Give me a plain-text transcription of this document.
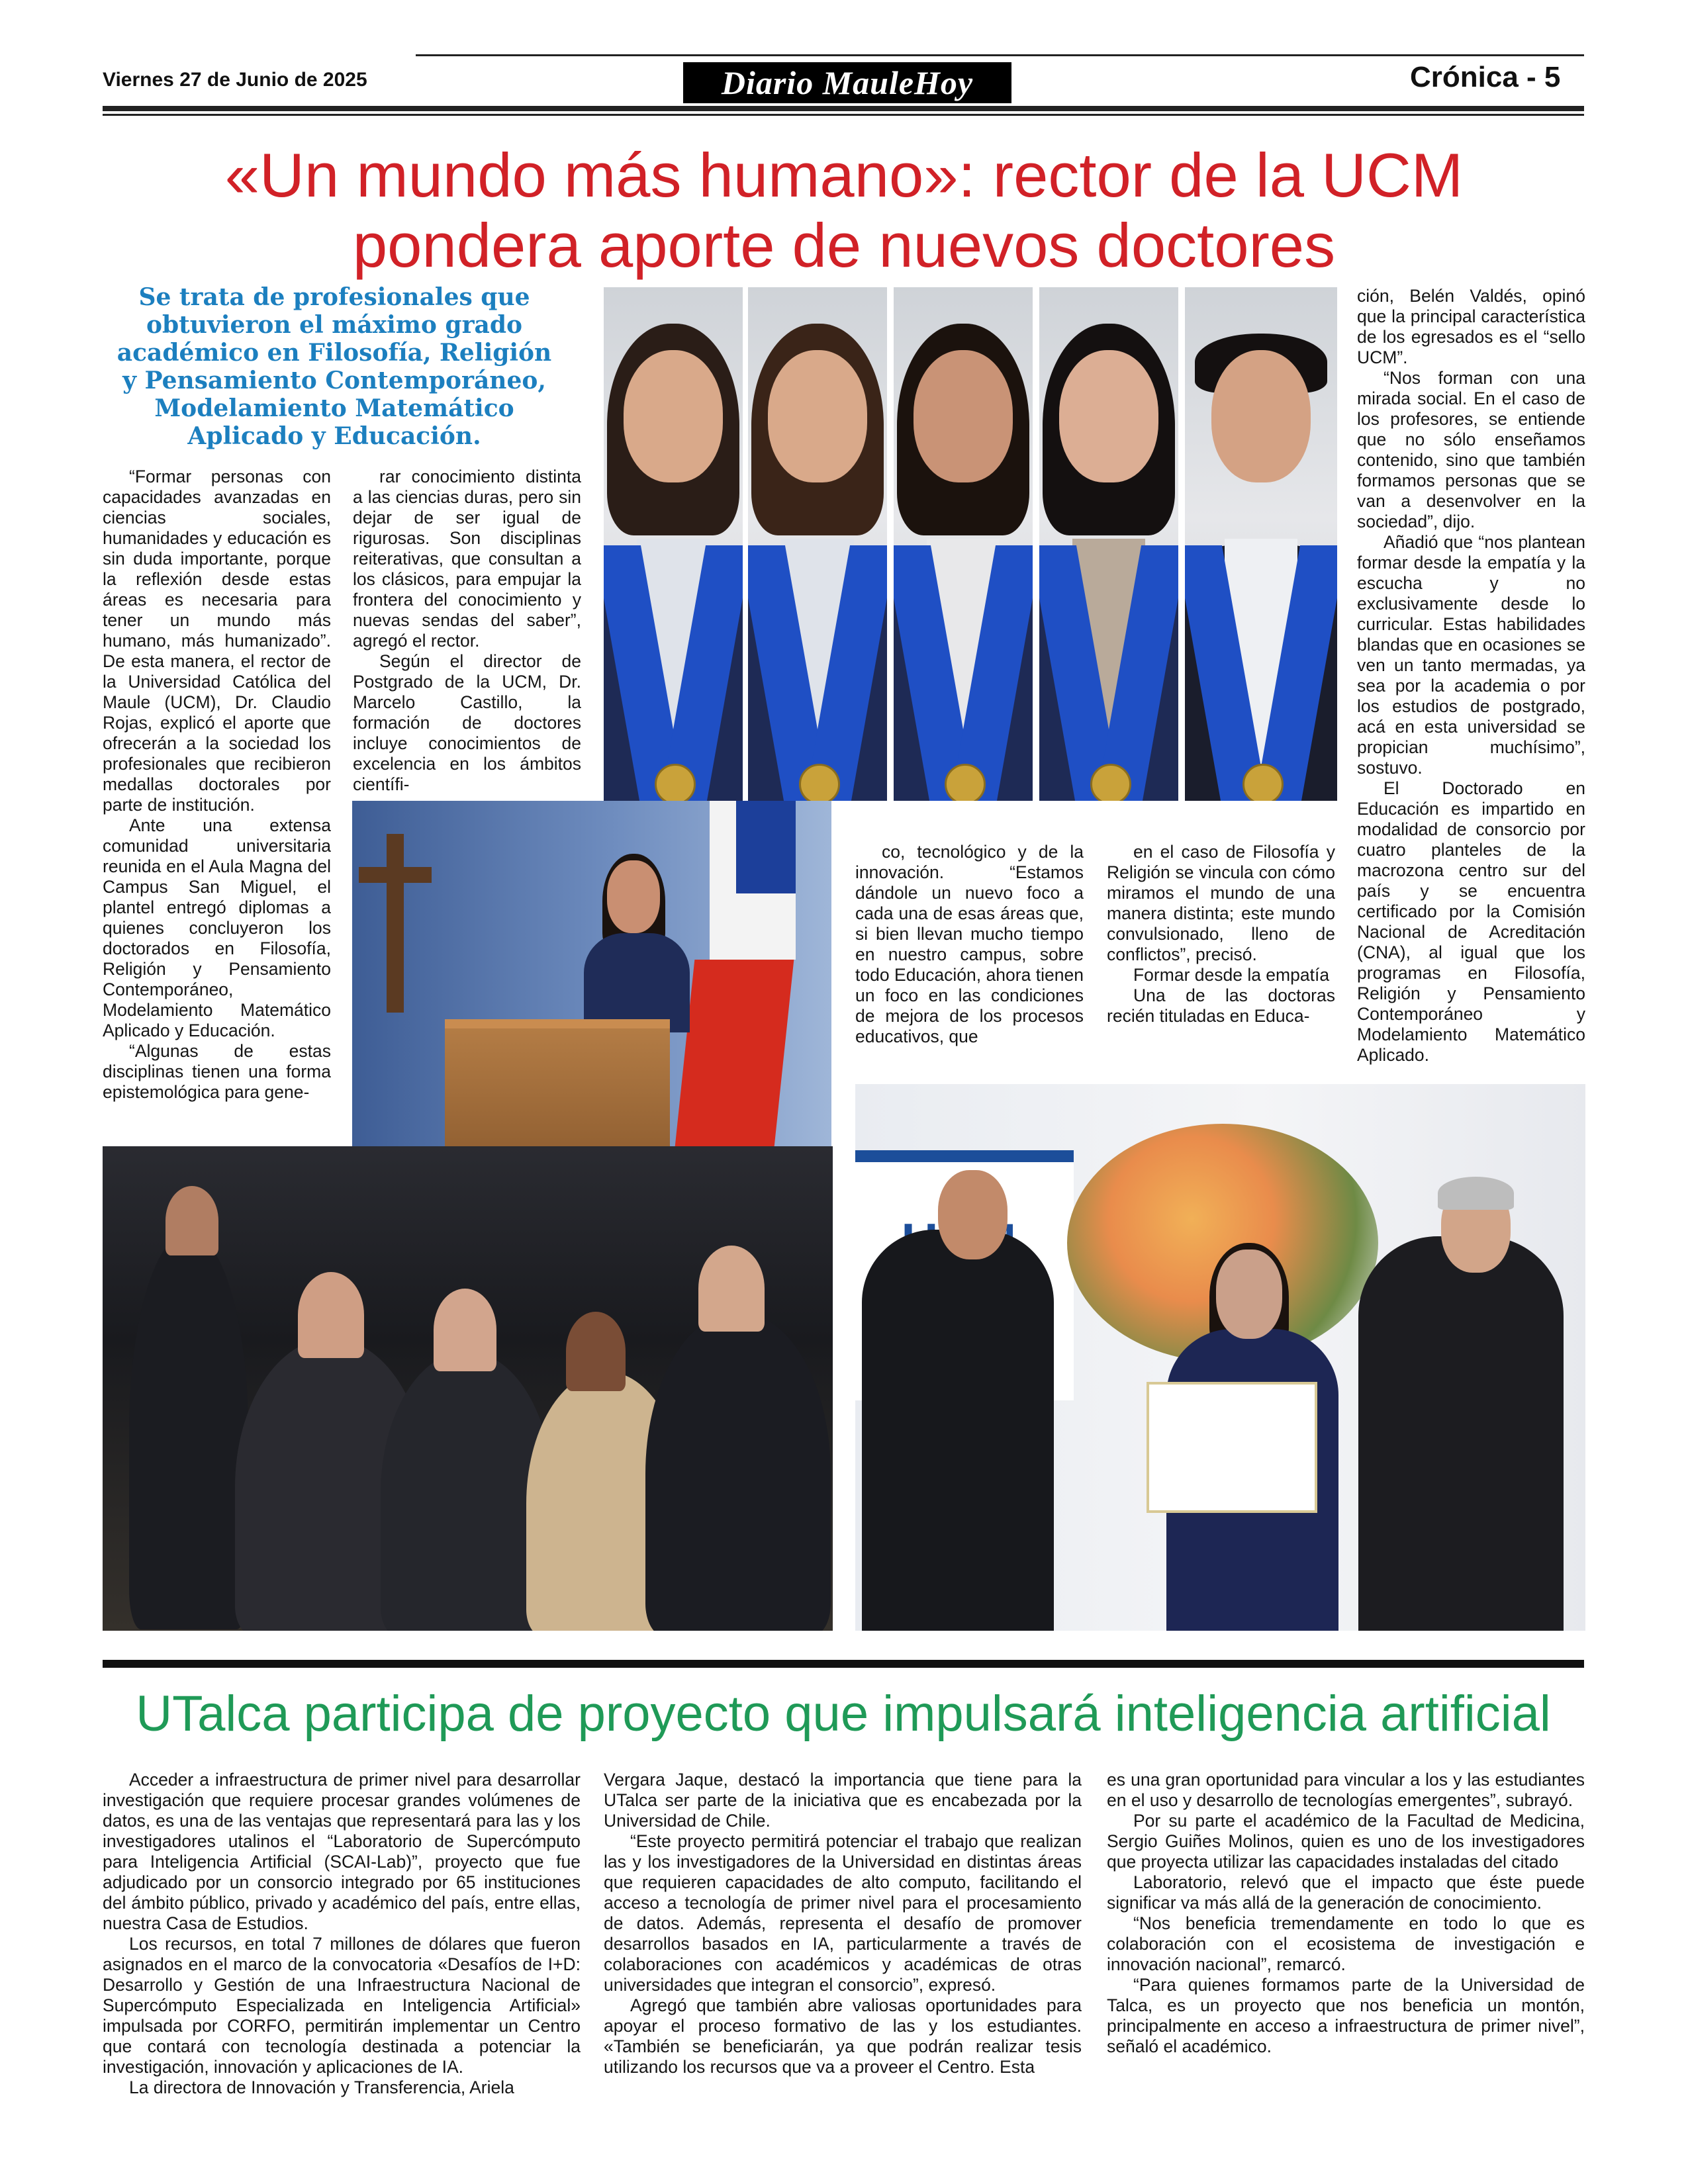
Viernes 27 de Junio de 2025	Diario MauleHoy	Crónica - 5
«Un mundo más humano»: rector de la UCM pondera aporte de nuevos doctores
Se trata de profesionales que obtuvieron el máximo grado académico en Filosofía, Religión y Pensamiento Contemporáneo, Modelamiento Matemático Aplicado y Educación.

“Formar personas con capacidades avanzadas en ciencias sociales, humanidades y educación es sin duda importante, porque la reflexión desde estas áreas es necesaria para tener un mundo más humano, más humanizado”. De esta manera, el rector de la Universidad Católica del Maule (UCM), Dr. Claudio Rojas, explicó el aporte que ofrecerán a la sociedad los profesionales que recibieron medallas doctorales por parte de institución.

Ante una extensa comunidad universitaria reunida en el Aula Magna del Campus San Miguel, el plantel entregó diplomas a quienes concluyeron los doctorados en Filosofía, Religión y Pensamiento Contemporáneo, Modelamiento Matemático Aplicado y Educación.

“Algunas de estas disciplinas tienen una forma epistemológica para gene-

rar conocimiento distinta a las ciencias duras, pero sin dejar de ser igual de rigurosas. Son disciplinas reiterativas, que consultan a los clásicos, para empujar la frontera del conocimiento y nuevas sendas del saber”, agregó el rector.

Según el director de Postgrado de la UCM, Dr. Marcelo Castillo, la formación de doctores incluye conocimientos de excelencia en los ámbitos científi-

co, tecnológico y de la innovación. “Estamos dándole un nuevo foco a cada una de esas áreas que, si bien llevan mucho tiempo en nuestro campus, sobre todo Educación, ahora tienen un foco en las condiciones de mejora de los procesos educativos, que

en el caso de Filosofía y Religión se vincula con cómo miramos el mundo de una manera distinta; este mundo convulsionado, lleno de conflictos”, precisó.

Formar desde la empatía

Una de las doctoras recién tituladas en Educa-

ción, Belén Valdés, opinó que la principal característica de los egresados es el “sello UCM”.

“Nos forman con una mirada social. En el caso de los profesores, se entiende que no sólo enseñamos contenido, sino que también formamos personas que se van a desenvolver en la sociedad”, dijo.

Añadió que “nos plantean formar desde la empatía y la escucha y no exclusivamente desde lo curricular. Estas habilidades blandas que en ocasiones se ven un tanto mermadas, ya sea por la academia o por los estudios de postgrado, acá en esta universidad se propician muchísimo”, sostuvo.

El Doctorado en Educación es impartido en modalidad de consorcio por cuatro planteles de la macrozona centro sur del país y se encuentra certificado por la Comisión Nacional de Acreditación (CNA), al igual que los programas en Filosofía, Religión y Pensamiento Contemporáneo y Modelamiento Matemático Aplicado.

UTalca participa de proyecto que impulsará inteligencia artificial

Acceder a infraestructura de primer nivel para desarrollar investigación que requiere procesar grandes volúmenes de datos, es una de las ventajas que representará para las y los investigadores utalinos el “Laboratorio de Supercómputo para Inteligencia Artificial (SCAI-Lab)”, proyecto que fue adjudicado por un consorcio integrado por 65 instituciones del ámbito público, privado y académico del país, entre ellas, nuestra Casa de Estudios.

Los recursos, en total 7 millones de dólares que fueron asignados en el marco de la convocatoria «Desafíos de I+D: Desarrollo y Gestión de una Infraestructura Nacional de Supercómputo Especializada en Inteligencia Artificial» impulsada por CORFO, permitirán implementar un Centro que contará con tecnología destinada a potenciar la investigación, innovación y aplicaciones de IA.

La directora de Innovación y Transferencia, Ariela

Vergara Jaque, destacó la importancia que tiene para la UTalca ser parte de la iniciativa que es encabezada por la Universidad de Chile.

“Este proyecto permitirá potenciar el trabajo que realizan las y los investigadores de la Universidad en distintas áreas que requieren capacidades de alto computo, facilitando el acceso a tecnología de primer nivel para el procesamiento de datos. Además, representa el desafío de promover desarrollos basados en IA, particularmente a través de colaboraciones con académicos y académicas de otras universidades que integran el consorcio”, expresó.

Agregó que también abre valiosas oportunidades para apoyar el proceso formativo de las y los estudiantes. «También se beneficiarán, ya que podrán realizar tesis utilizando los recursos que va a proveer el Centro. Esta

es una gran oportunidad para vincular a los y las estudiantes en el uso y desarrollo de tecnologías emergentes”, subrayó.

Por su parte el académico de la Facultad de Medicina, Sergio Guiñes Molinos, quien es uno de los investigadores que proyecta utilizar las capacidades instaladas del citado

Laboratorio, relevó que el impacto que éste puede significar va más allá de la generación de conocimiento.

“Nos beneficia tremendamente en todo lo que es colaboración con el ecosistema de investigación e innovación nacional”, remarcó.

“Para quienes formamos parte de la Universidad de Talca, es un proyecto que nos beneficia un montón, principalmente en acceso a infraestructura de primer nivel”, señaló el académico.
